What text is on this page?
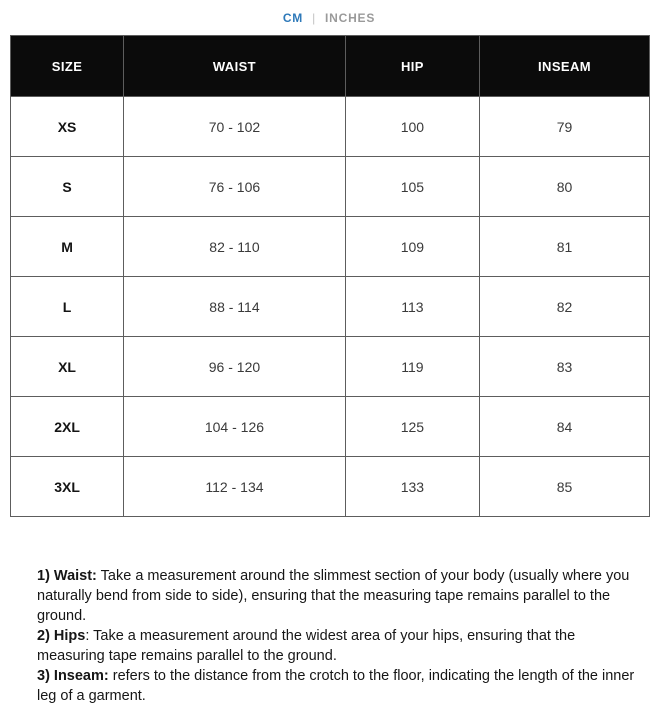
CM | INCHES
SIZE	WAIST	HIP	INSEAM
XS	70 - 102	100	79
S	76 - 106	105	80
M	82 - 110	109	81
L	88 - 114	113	82
XL	96 - 120	119	83
2XL	104 - 126	125	84
3XL	112 - 134	133	85
1) Waist: Take a measurement around the slimmest section of your body (usually where you naturally bend from side to side), ensuring that the measuring tape remains parallel to the ground.
2) Hips: Take a measurement around the widest area of your hips, ensuring that the measuring tape remains parallel to the ground.
3) Inseam: refers to the distance from the crotch to the floor, indicating the length of the inner leg of a garment.
